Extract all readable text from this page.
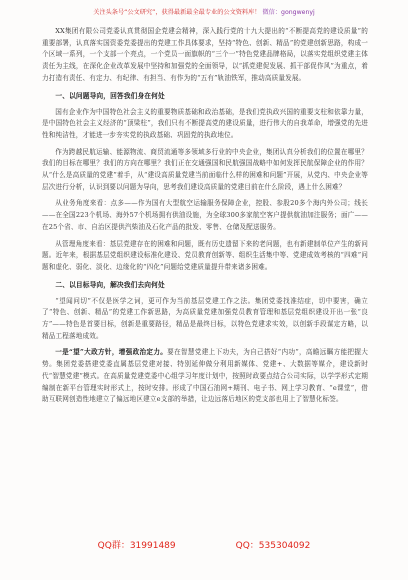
关注头条号“公文研究”，获得最新最全最专业的公文资料库！ 微信：gongwenyj

XX集团有限公司党委认真贯彻国企党建会精神，深入践行党的十九大提出的“不断提高党的建设质量”的重要部署，认真落实国资委党委提出的党建工作具体要求，坚持“特色、创新、精品”的党建创新思路，构成一个区域一系列，一个支部一个亮点，一个党员一面旗帜的“三个一”特色党建品牌格局，以落实党组织党建主体责任为主线，在深化企业改革发展中坚持和加强党的全面领导，以“抓党建促发展、抓干部促作风”为重点，着力打造有责任、有定力、有纪律、有担当、有作为的“五有”轨油铁军，推动高质量发展。

一、以问题导向，回答我们身在何处

国有企业作为中国特色社会主义的重要物质基础和政治基础，是我们党执政兴国的重要支柱和依靠力量，是中国特色社会主义经济的“顶梁柱”，我们只有不断提高党的建设质量，进行伟大的自我革命，增强党的先进性和纯洁性，才能进一步夯实党的执政基础、巩固党的执政地位。

作为跨越民航运输、能源物流、商贸流通等多领域多行业的中央企业，集团认真分析我们的位置在哪里？我们的目标在哪里？我们的方向在哪里？我们正在交通强国和民航强国战略中如何发挥民航保障企业的作用？从“什么是高质量的党建”着手，从“建设高质量党建当前面临什么样的困难和问题”开展，从党内、中央企业等层次进行分析，认识到要以问题为导向，思考我们建设高质量的党建目前在什么阶段，遇上什么困难？

从业务角度来看：点多——作为国有大型航空运输服务保障企业，控股、参股20多个海内外公司；线长——在全国223个机场、海外57个机场拥有供油设施，为全球300多家航空客户提供航油加注服务；面广——在25个省、市、自治区提供汽柴油及石化产品的批发、零售、仓储及配送服务。

从管理角度来看：基层党建存在的困难和问题，既有历史遗留下来的老问题，也有新建制单位产生的新问题。近年来，根据基层党组织建设标准化建设、党员教育创新等、组织生活集中等、党建成效考核的“四难”问题和虚化、弱化、淡化、边缘化的“四化”问题给党建质量提升带来诸多困难。

二、以目标导向，解决我们去向何处

“望闻问切”不仅是医学之词，更可作为当前基层党建工作之法。集团党委找准结症，切中要害，确立了“特色、创新、精品”的党建工作新思路，为高质量党建加强党员教育管理和基层党组织建设开出一张“良方”——特色是首要目标，创新是重要路径，精品是最终目标，以特色党建求实效，以创新手段谋定方略，以精品工程落地成效。

一是“望”大政方针，增强政治定力。要在智慧党建上下功夫，为自己搭好“内功”，高瞻远瞩方能把握大势。集团党委搭建党委直属基层党建对接、特别延伸做分利用新媒体、党建+、大数据等媒介，建设新时代“智慧党建”模式。在高质量党建党委中心组学习年度计划中，按照时政要点结合公司实际，以学学形式定期编制在新平台管理实时形式上，按时安排。形成了中国石油网+期刊、电子书、网上学习教育、“e课堂”，借助互联网创造性地建立了偏远地区建立e支部的举措，让边远落后地区的党支部也用上了智慧化标签。

QQ群：31991489	QQ：535304092
